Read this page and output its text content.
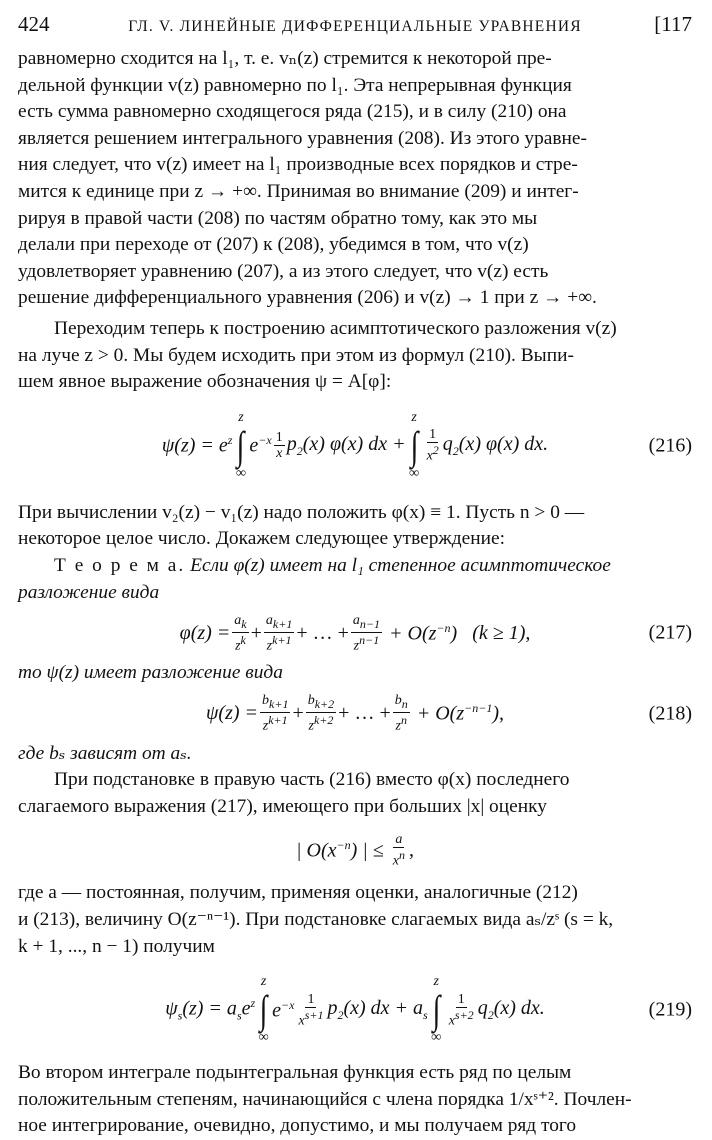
424	ГЛ. V. ЛИНЕЙНЫЕ ДИФФЕРЕНЦИАЛЬНЫЕ УРАВНЕНИЯ	[117

равномерно сходится на l₁, т. е. vₙ(z) стремится к некоторой пре-

дельной функции v(z) равномерно по l₁. Эта непрерывная функция

есть сумма равномерно сходящегося ряда (215), и в силу (210) она

является решением интегрального уравнения (208). Из этого уравне-

ния следует, что v(z) имеет на l₁ производные всех порядков и стре-

мится к единице при z → +∞. Принимая во внимание (209) и интег-

рируя в правой части (208) по частям обратно тому, как это мы

делали при переходе от (207) к (208), убедимся в том, что v(z)

удовлетворяет уравнению (207), а из этого следует, что v(z) есть

решение дифференциального уравнения (206) и v(z) → 1 при z → +∞.

Переходим теперь к построению асимптотического разложения v(z)

на луче z > 0. Мы будем исходить при этом из формул (210). Выпи-

шем явное выражение обозначения ψ = A[φ]:

$\psi(z) = e^z$
z
∫
∞
$e^{-x} \frac{1}{x} p_2(x)$ φ(x) dx +
z
∫
∞
$\frac{1}{x^2} q_2(x)$ φ(x) dx.	(216)

При вычислении v₂(z) − v₁(z) надо положить φ(x) ≡ 1. Пусть n > 0 —

некоторое целое число. Докажем следующее утверждение:

Т е о р е м а. Если φ(z) имеет на l₁ степенное асимптотическое

разложение вида

$\varphi(z) = \frac{a_k}{z^k} + \frac{a_{k+1}}{z^{k+1}}$ + … + $\frac{a_{n-1}}{z^{n-1}} + O(z^{-n}) (k \ge 1)$,	(217)

то ψ(z) имеет разложение вида

$\psi(z) = \frac{b_{k+1}}{z^{k+1}} + \frac{b_{k+2}}{z^{k+2}}$ + … + $\frac{b_n}{z^n} + O(z^{-n-1})$,	(218)

где bₛ зависят от aₛ.

При подстановке в правую часть (216) вместо φ(x) последнего

слагаемого выражения (217), имеющего при больших |x| оценку

| $O(x^{-n})$ | ≤ $\frac{a}{x^n}$ ,

где a — постоянная, получим, применяя оценки, аналогичные (212)

и (213), величину O(z⁻ⁿ⁻¹). При подстановке слагаемых вида aₛ/zˢ (s = k,

k + 1, ..., n − 1) получим

$\psi_s(z) = a_se^z$
z
∫
∞
$e^{-x} \frac{1}{x^{s+1}} p_2(x)$ dx + $a_s$
z
∫
∞
$\frac{1}{x^{s+2}} q_2(x)$ dx.	(219)

Во втором интеграле подынтегральная функция есть ряд по целым

положительным степеням, начинающийся с члена порядка 1/xˢ⁺². Почлен-

ное интегрирование, очевидно, допустимо, и мы получаем ряд того
